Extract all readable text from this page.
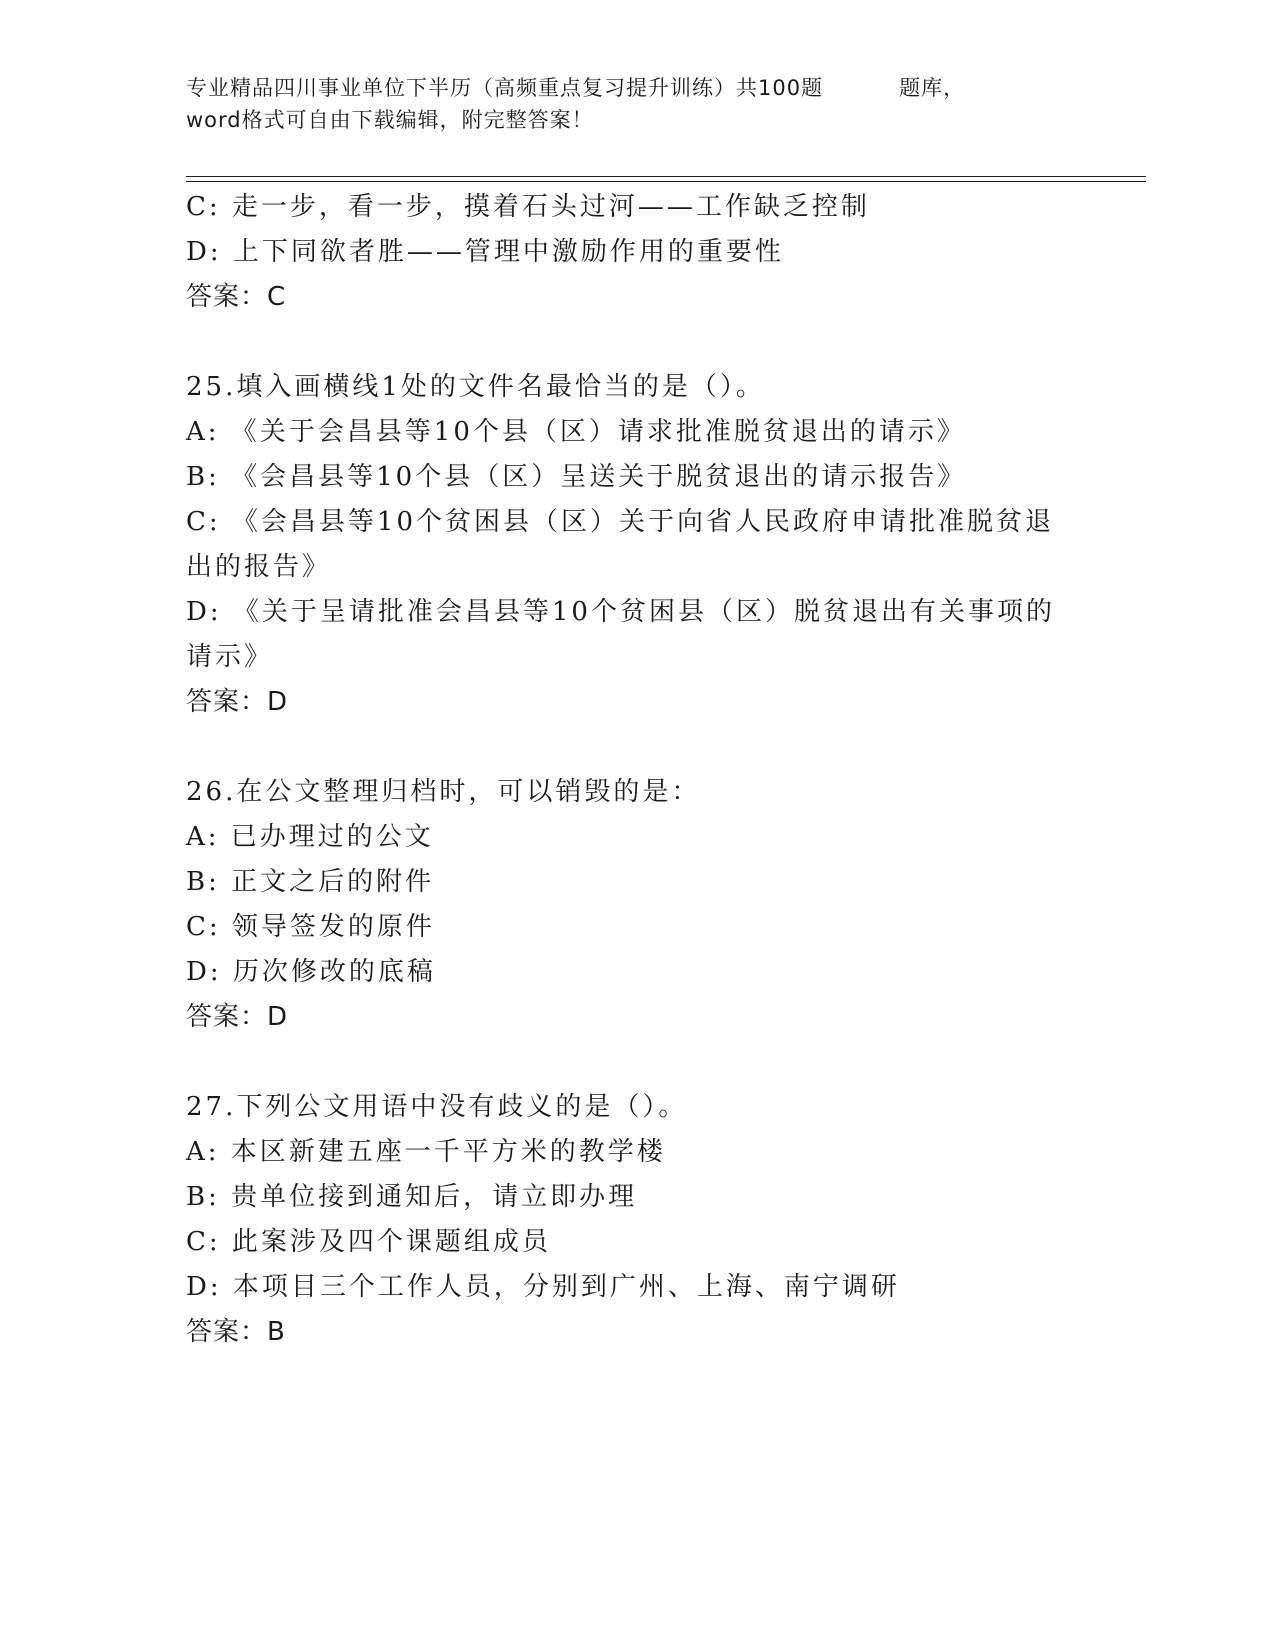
专业精品四川事业单位下半历（高频重点复习提升训练）共100题	题库，
word格式可自由下载编辑，附完整答案！
C: 走一步，看一步，摸着石头过河——工作缺乏控制
D: 上下同欲者胜——管理中激励作用的重要性
答案：C
25.填入画横线1处的文件名最恰当的是（）。
A: 《关于会昌县等10个县（区）请求批准脱贫退出的请示》
B: 《会昌县等10个县（区）呈送关于脱贫退出的请示报告》
C: 《会昌县等10个贫困县（区）关于向省人民政府申请批准脱贫退
出的报告》
D: 《关于呈请批准会昌县等10个贫困县（区）脱贫退出有关事项的
请示》
答案：D
26.在公文整理归档时，可以销毁的是：
A: 已办理过的公文
B: 正文之后的附件
C: 领导签发的原件
D: 历次修改的底稿
答案：D
27.下列公文用语中没有歧义的是（）。
A: 本区新建五座一千平方米的教学楼
B: 贵单位接到通知后，请立即办理
C: 此案涉及四个课题组成员
D: 本项目三个工作人员，分别到广州、上海、南宁调研
答案：B
